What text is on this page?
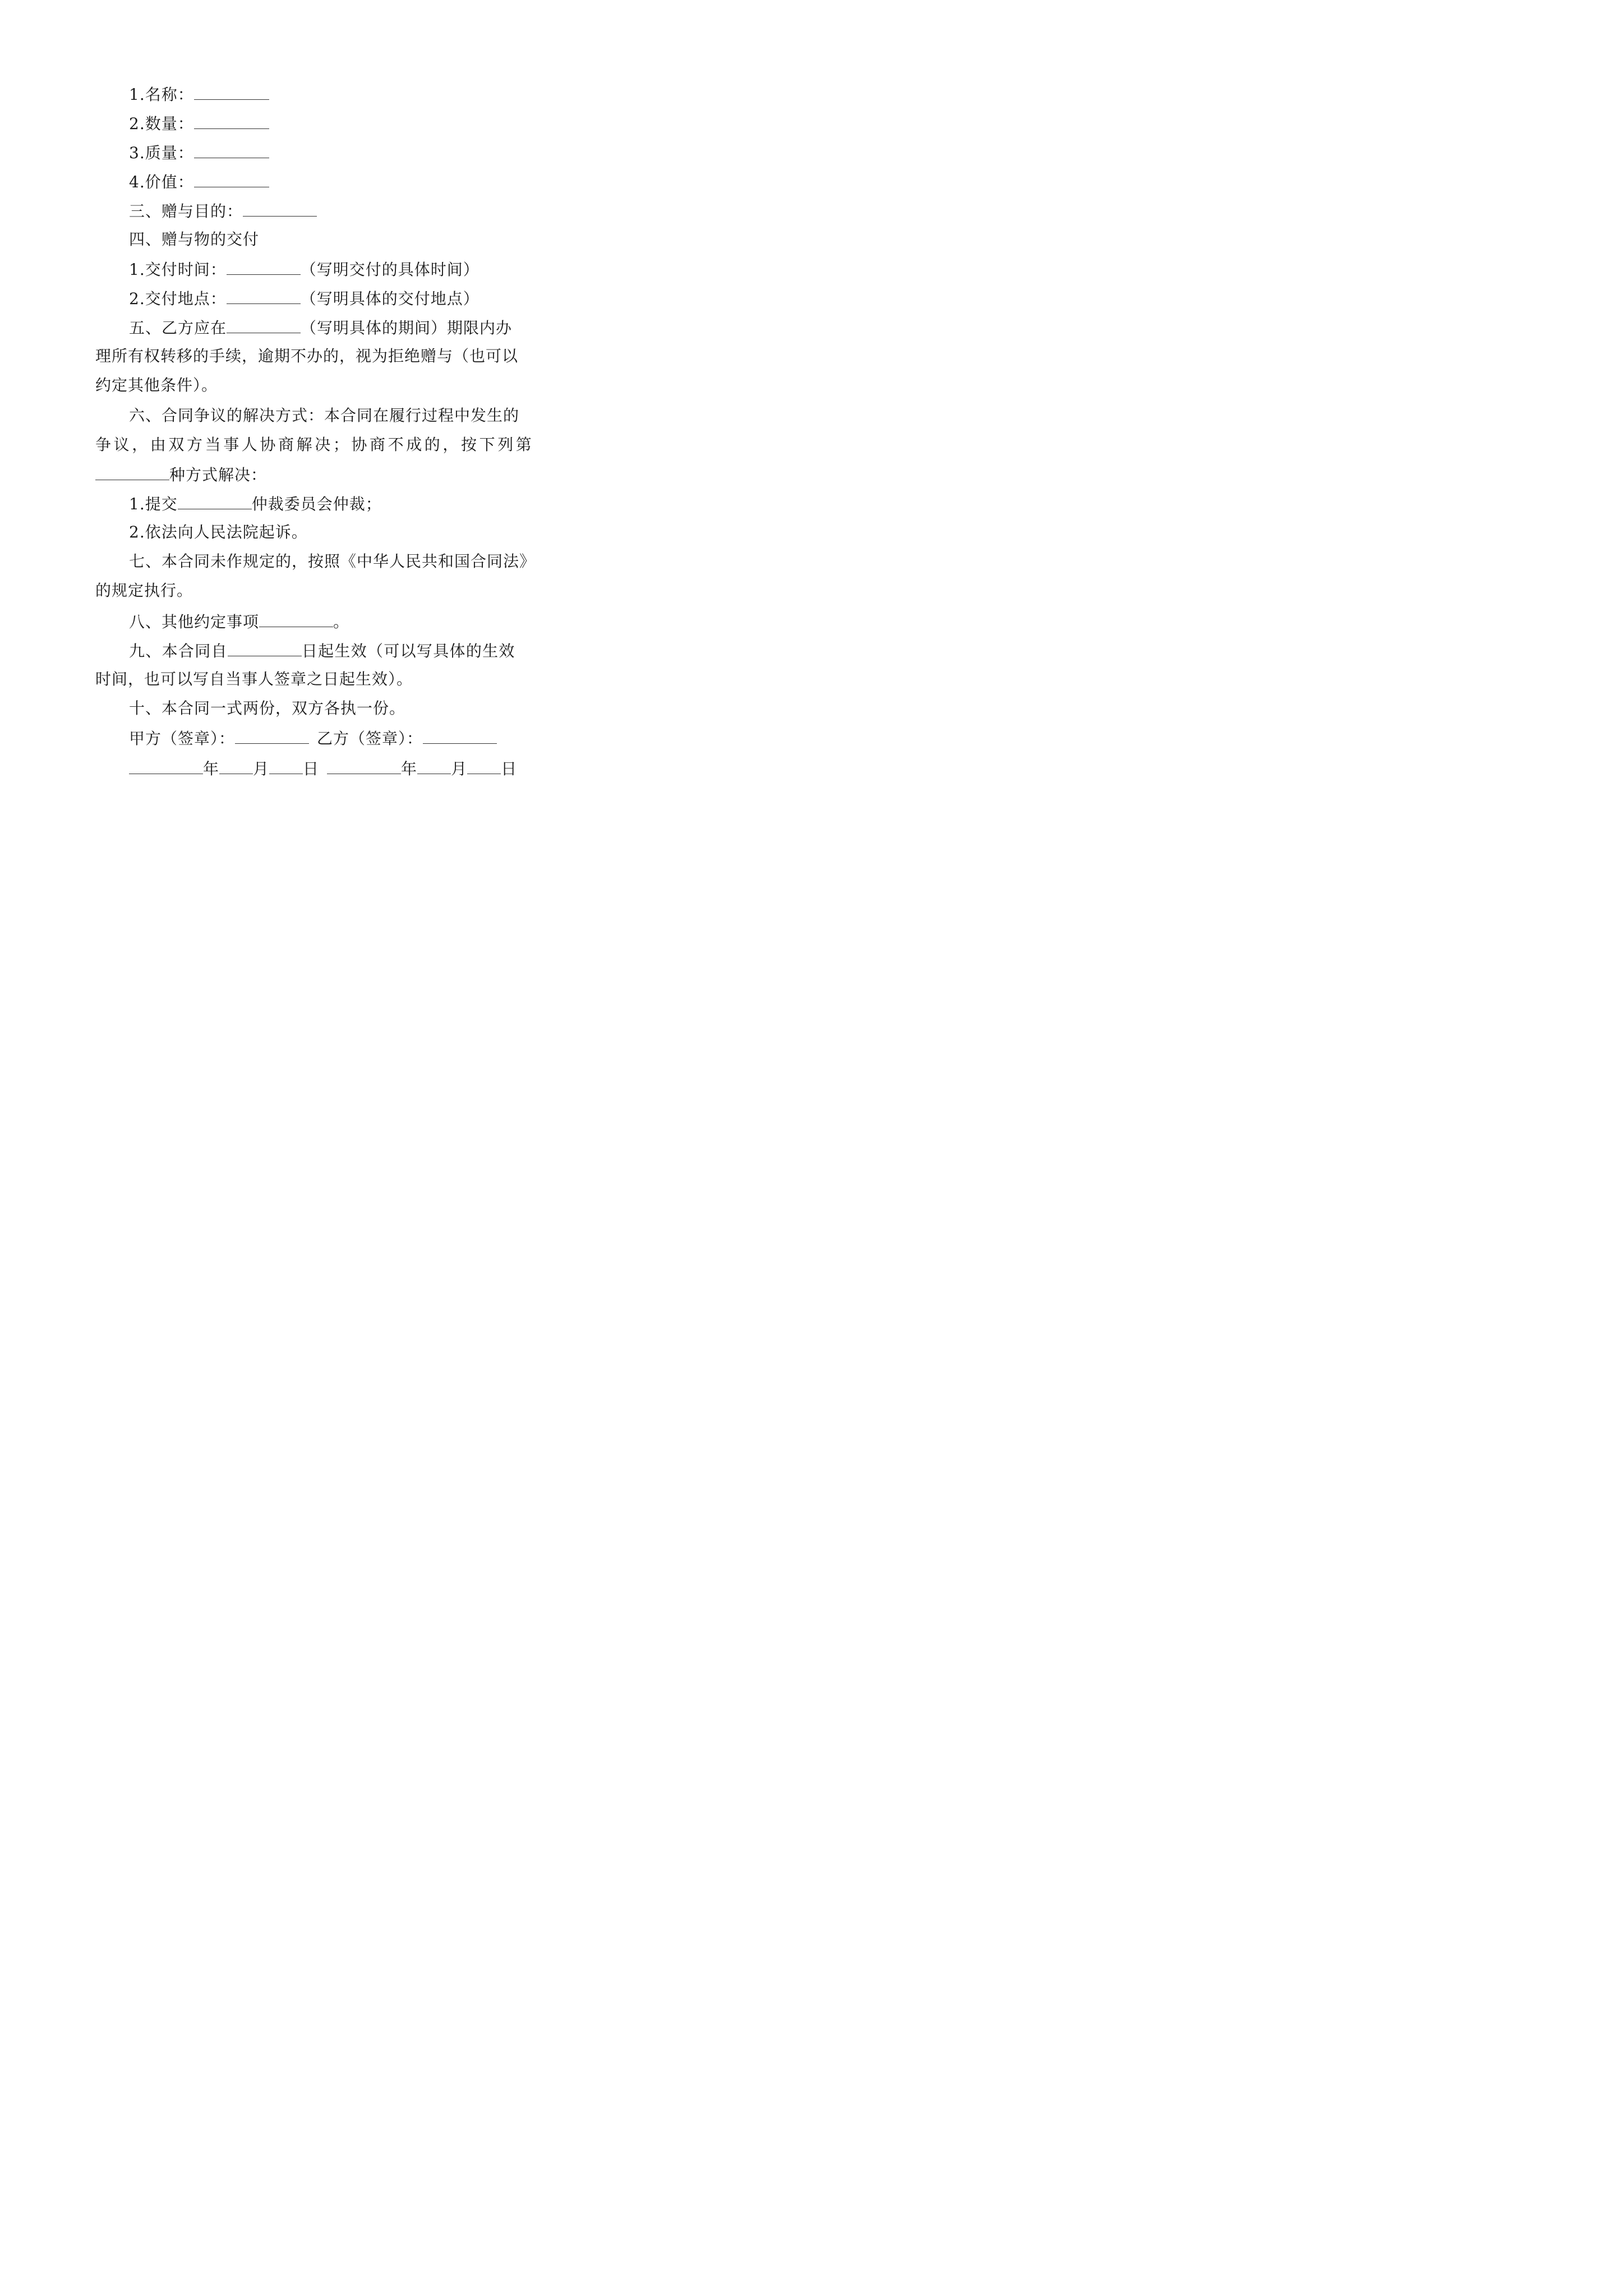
1.名称：
2.数量：
3.质量：
4.价值：
三、赠与目的：
四、赠与物的交付
1.交付时间：	（写明交付的具体时间）
2.交付地点：	（写明具体的交付地点）
五、乙方应在	（写明具体的期间）期限内办
理所有权转移的手续，逾期不办的，视为拒绝赠与（也可以
约定其他条件）。
六、合同争议的解决方式：本合同在履行过程中发生的
争议，由双方当事人协商解决；协商不成的，按下列第
种方式解决：
1.提交	仲裁委员会仲裁；
2.依法向人民法院起诉。
七、本合同未作规定的，按照《中华人民共和国合同法》
的规定执行。
八、其他约定事项	。
九、本合同自	日起生效（可以写具体的生效
时间，也可以写自当事人签章之日起生效）。
十、本合同一式两份，双方各执一份。
甲方（签章）：	乙方（签章）：
年 月 日	年 月 日
